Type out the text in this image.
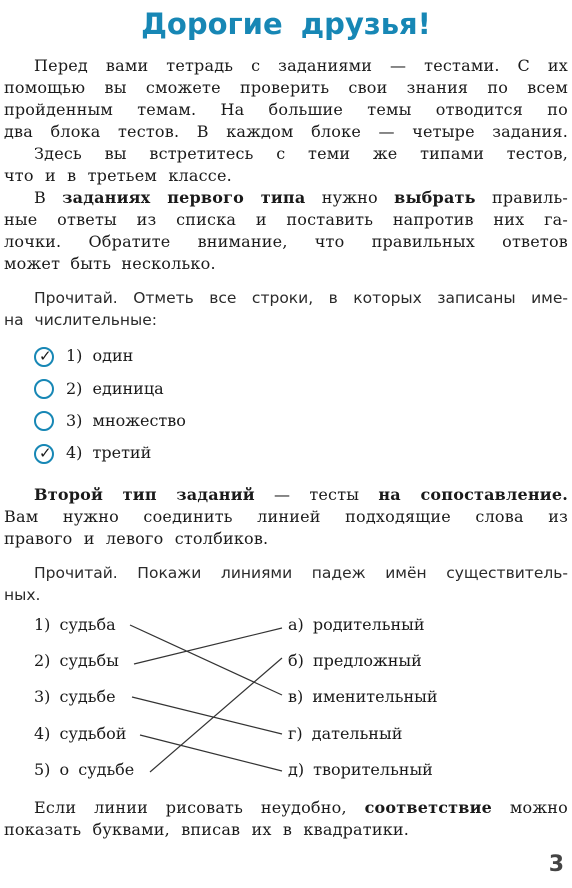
Дорогие друзья!
Перед вами тетрадь с заданиями — тестами. С их
помощью вы сможете проверить свои знания по всем
пройденным темам. На большие темы отводится по
два блока тестов. В каждом блоке — четыре задания.
Здесь вы встретитесь с теми же типами тестов,
что и в третьем классе.
В заданиях первого типа нужно выбрать правиль-
ные ответы из списка и поставить напротив них га-
лочки. Обратите внимание, что правильных ответов
может быть несколько.
Прочитай. Отметь все строки, в которых записаны име-
на числительные:
✓ 1) один
2) единица
3) множество
✓ 4) третий
Второй тип заданий — тесты на сопоставление.
Вам нужно соединить линией подходящие слова из
правого и левого столбиков.
Прочитай. Покажи линиями падеж имён существитель-
ных.
1) судьба
2) судьбы
3) судьбе
4) судьбой
5) о судьбе
а) родительный
б) предложный
в) именительный
г) дательный
д) творительный
Если линии рисовать неудобно, соответствие можно
показать буквами, вписав их в квадратики.
3
